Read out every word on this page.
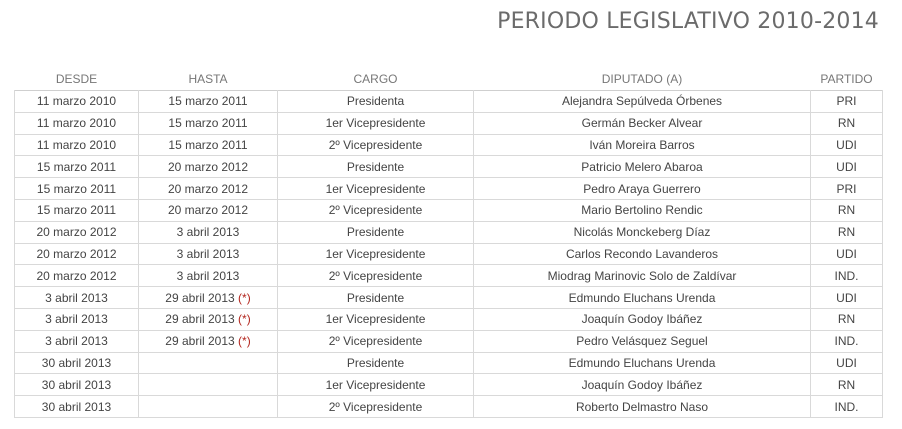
PERIODO LEGISLATIVO 2010-2014
DESDE	HASTA	CARGO	DIPUTADO (A)	PARTIDO
11 marzo 2010	15 marzo 2011	Presidenta	Alejandra Sepúlveda Órbenes	PRI
11 marzo 2010	15 marzo 2011	1er Vicepresidente	Germán Becker Alvear	RN
11 marzo 2010	15 marzo 2011	2º Vicepresidente	Iván Moreira Barros	UDI
15 marzo 2011	20 marzo 2012	Presidente	Patricio Melero Abaroa	UDI
15 marzo 2011	20 marzo 2012	1er Vicepresidente	Pedro Araya Guerrero	PRI
15 marzo 2011	20 marzo 2012	2º Vicepresidente	Mario Bertolino Rendic	RN
20 marzo 2012	3 abril 2013	Presidente	Nicolás Monckeberg Díaz	RN
20 marzo 2012	3 abril 2013	1er Vicepresidente	Carlos Recondo Lavanderos	UDI
20 marzo 2012	3 abril 2013	2º Vicepresidente	Miodrag Marinovic Solo de Zaldívar	IND.
3 abril 2013	29 abril 2013 (*)	Presidente	Edmundo Eluchans Urenda	UDI
3 abril 2013	29 abril 2013 (*)	1er Vicepresidente	Joaquín Godoy Ibáñez	RN
3 abril 2013	29 abril 2013 (*)	2º Vicepresidente	Pedro Velásquez Seguel	IND.
30 abril 2013		Presidente	Edmundo Eluchans Urenda	UDI
30 abril 2013		1er Vicepresidente	Joaquín Godoy Ibáñez	RN
30 abril 2013		2º Vicepresidente	Roberto Delmastro Naso	IND.
